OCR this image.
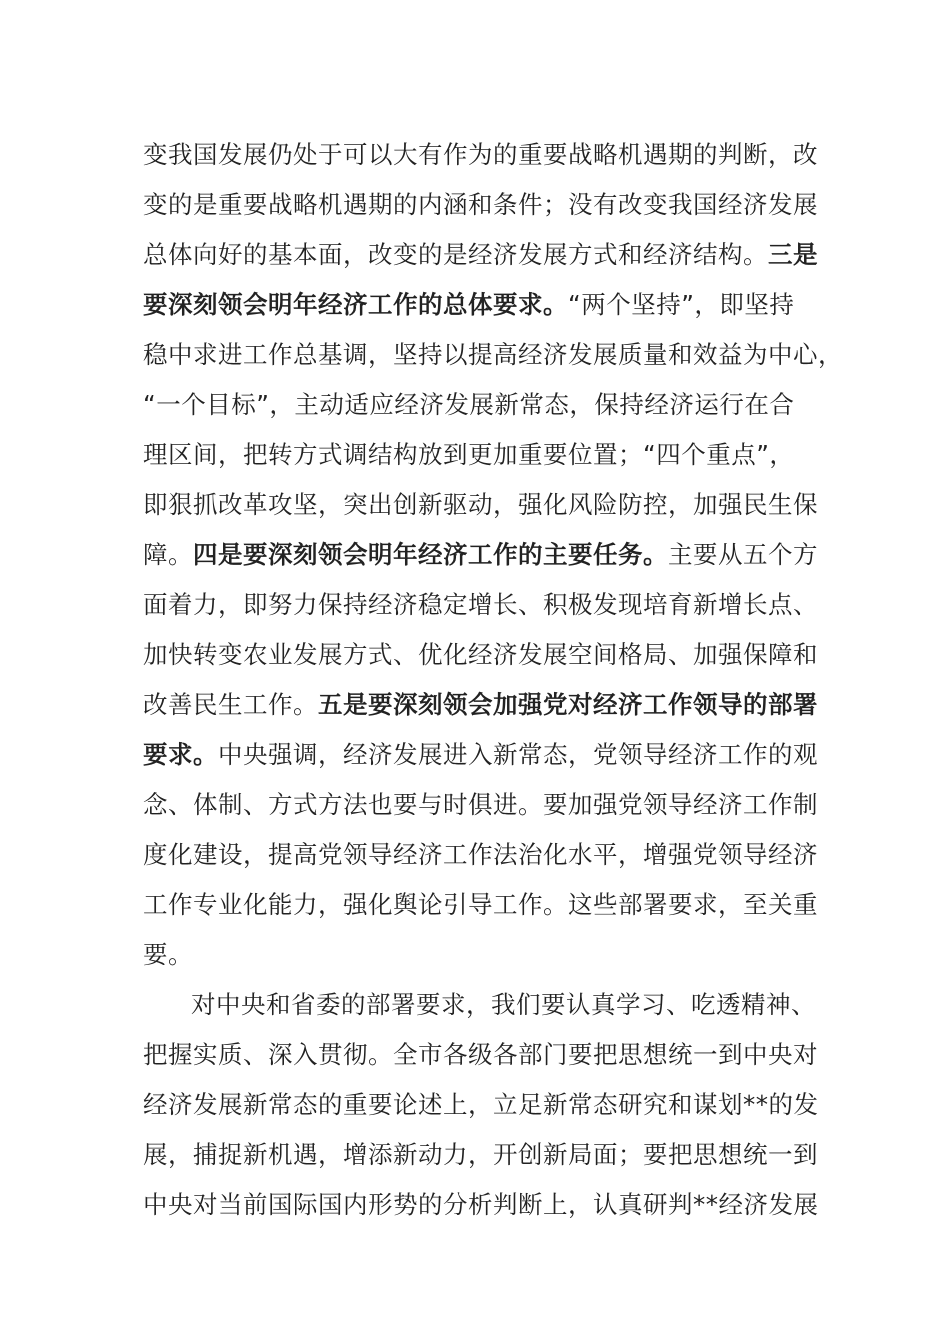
变我国发展仍处于可以大有作为的重要战略机遇期的判断，改
变的是重要战略机遇期的内涵和条件；没有改变我国经济发展
总体向好的基本面，改变的是经济发展方式和经济结构。三是
要深刻领会明年经济工作的总体要求。“两个坚持”，即坚持
稳中求进工作总基调，坚持以提高经济发展质量和效益为中心，
“一个目标”，主动适应经济发展新常态，保持经济运行在合
理区间，把转方式调结构放到更加重要位置；“四个重点”，
即狠抓改革攻坚，突出创新驱动，强化风险防控，加强民生保
障。四是要深刻领会明年经济工作的主要任务。主要从五个方
面着力，即努力保持经济稳定增长、积极发现培育新增长点、
加快转变农业发展方式、优化经济发展空间格局、加强保障和
改善民生工作。五是要深刻领会加强党对经济工作领导的部署
要求。中央强调，经济发展进入新常态，党领导经济工作的观
念、体制、方式方法也要与时俱进。要加强党领导经济工作制
度化建设，提高党领导经济工作法治化水平，增强党领导经济
工作专业化能力，强化舆论引导工作。这些部署要求，至关重
要。
对中央和省委的部署要求，我们要认真学习、吃透精神、
把握实质、深入贯彻。全市各级各部门要把思想统一到中央对
经济发展新常态的重要论述上，立足新常态研究和谋划**的发
展，捕捉新机遇，增添新动力，开创新局面；要把思想统一到
中央对当前国际国内形势的分析判断上，认真研判**经济发展
